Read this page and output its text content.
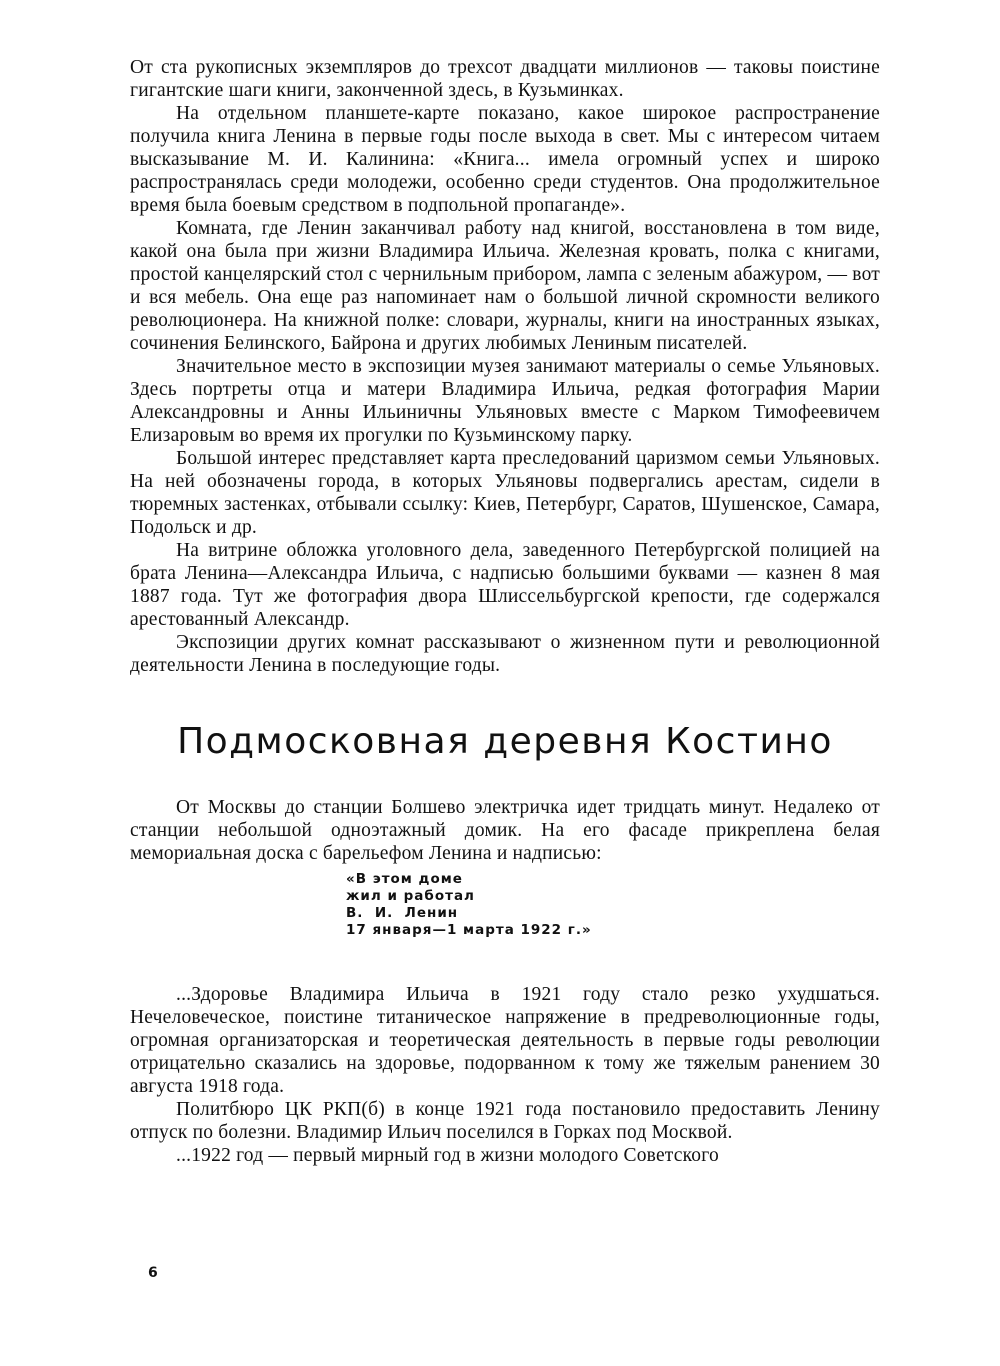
От ста рукописных экземпляров до трехсот двадцати миллионов — таковы поистине гигантские шаги книги, законченной здесь, в Кузьминках.

На отдельном планшете-карте показано, какое широкое распространение получила книга Ленина в первые годы после выхода в свет. Мы с интересом читаем высказывание М. И. Калинина: «Книга... имела огромный успех и широко распространялась среди молодежи, особенно среди студентов. Она продолжительное время была боевым средством в подпольной пропаганде».

Комната, где Ленин заканчивал работу над книгой, восстановлена в том виде, какой она была при жизни Владимира Ильича. Железная кровать, полка с книгами, простой канцелярский стол с чернильным прибором, лампа с зеленым абажуром, — вот и вся мебель. Она еще раз напоминает нам о большой личной скромности великого революционера. На книжной полке: словари, журналы, книги на иностранных языках, сочинения Белинского, Байрона и других любимых Лениным писателей.

Значительное место в экспозиции музея занимают материалы о семье Ульяновых. Здесь портреты отца и матери Владимира Ильича, редкая фотография Марии Александровны и Анны Ильиничны Ульяновых вместе с Марком Тимофеевичем Елизаровым во время их прогулки по Кузьминскому парку.

Большой интерес представляет карта преследований царизмом семьи Ульяновых. На ней обозначены города, в которых Ульяновы подвергались арестам, сидели в тюремных застенках, отбывали ссылку: Киев, Петербург, Саратов, Шушенское, Самара, Подольск и др.

На витрине обложка уголовного дела, заведенного Петербургской полицией на брата Ленина—Александра Ильича, с надписью большими буквами — казнен 8 мая 1887 года. Тут же фотография двора Шлиссельбургской крепости, где содержался арестованный Александр.

Экспозиции других комнат рассказывают о жизненном пути и революционной деятельности Ленина в последующие годы.

Подмосковная деревня Костино

От Москвы до станции Болшево электричка идет тридцать минут. Недалеко от станции небольшой одноэтажный домик. На его фасаде прикреплена белая мемориальная доска с барельефом Ленина и надписью:

«В этом доме
жил и работал
В.  И.  Ленин
17 января—1 марта 1922 г.»

...Здоровье Владимира Ильича в 1921 году стало резко ухудшаться. Нечеловеческое, поистине титаническое напряжение в предреволюционные годы, огромная организаторская и теоретическая деятельность в первые годы революции отрицательно сказались на здоровье, подорванном к тому же тяжелым ранением 30 августа 1918 года.

Политбюро ЦК РКП(б) в конце 1921 года постановило предоставить Ленину отпуск по болезни. Владимир Ильич поселился в Горках под Москвой.

...1922 год — первый мирный год в жизни молодого Советского

6
